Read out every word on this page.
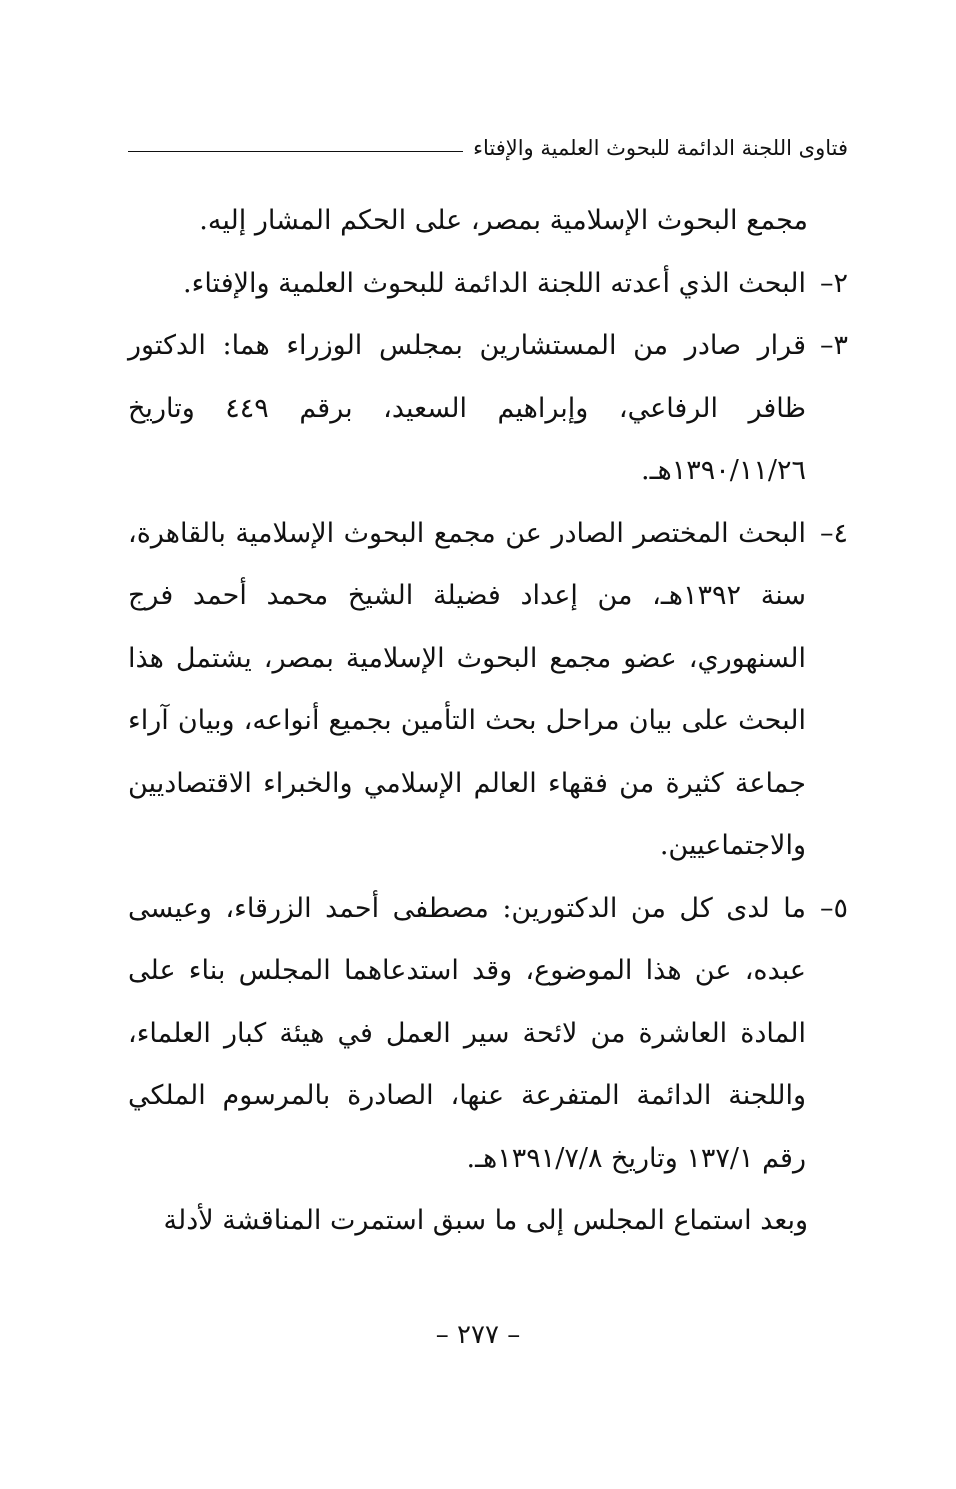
فتاوى اللجنة الدائمة للبحوث العلمية والإفتاء

مجمع البحوث الإسلامية بمصر، على الحكم المشار إليه.

٢–
البحث الذي أعدته اللجنة الدائمة للبحوث العلمية والإفتاء.
٣–
قرار صادر من المستشارين بمجلس الوزراء هما: الدكتور ظافر الرفاعي، وإبراهيم السعيد، برقم ٤٤٩ وتاريخ ١٣٩٠/١١/٢٦هـ.
٤–
البحث المختصر الصادر عن مجمع البحوث الإسلامية بالقاهرة، سنة ١٣٩٢هـ، من إعداد فضيلة الشيخ محمد أحمد فرج السنهوري، عضو مجمع البحوث الإسلامية بمصر، يشتمل هذا البحث على بيان مراحل بحث التأمين بجميع أنواعه، وبيان آراء جماعة كثيرة من فقهاء العالم الإسلامي والخبراء الاقتصاديين والاجتماعيين.
٥–
ما لدى كل من الدكتورين: مصطفى أحمد الزرقاء، وعيسى عبده، عن هذا الموضوع، وقد استدعاهما المجلس بناء على المادة العاشرة من لائحة سير العمل في هيئة كبار العلماء، واللجنة الدائمة المتفرعة عنها، الصادرة بالمرسوم الملكي رقم ١٣٧/١ وتاريخ ١٣٩١/٧/٨هـ.

وبعد استماع المجلس إلى ما سبق استمرت المناقشة لأدلة

– ٢٧٧ –
